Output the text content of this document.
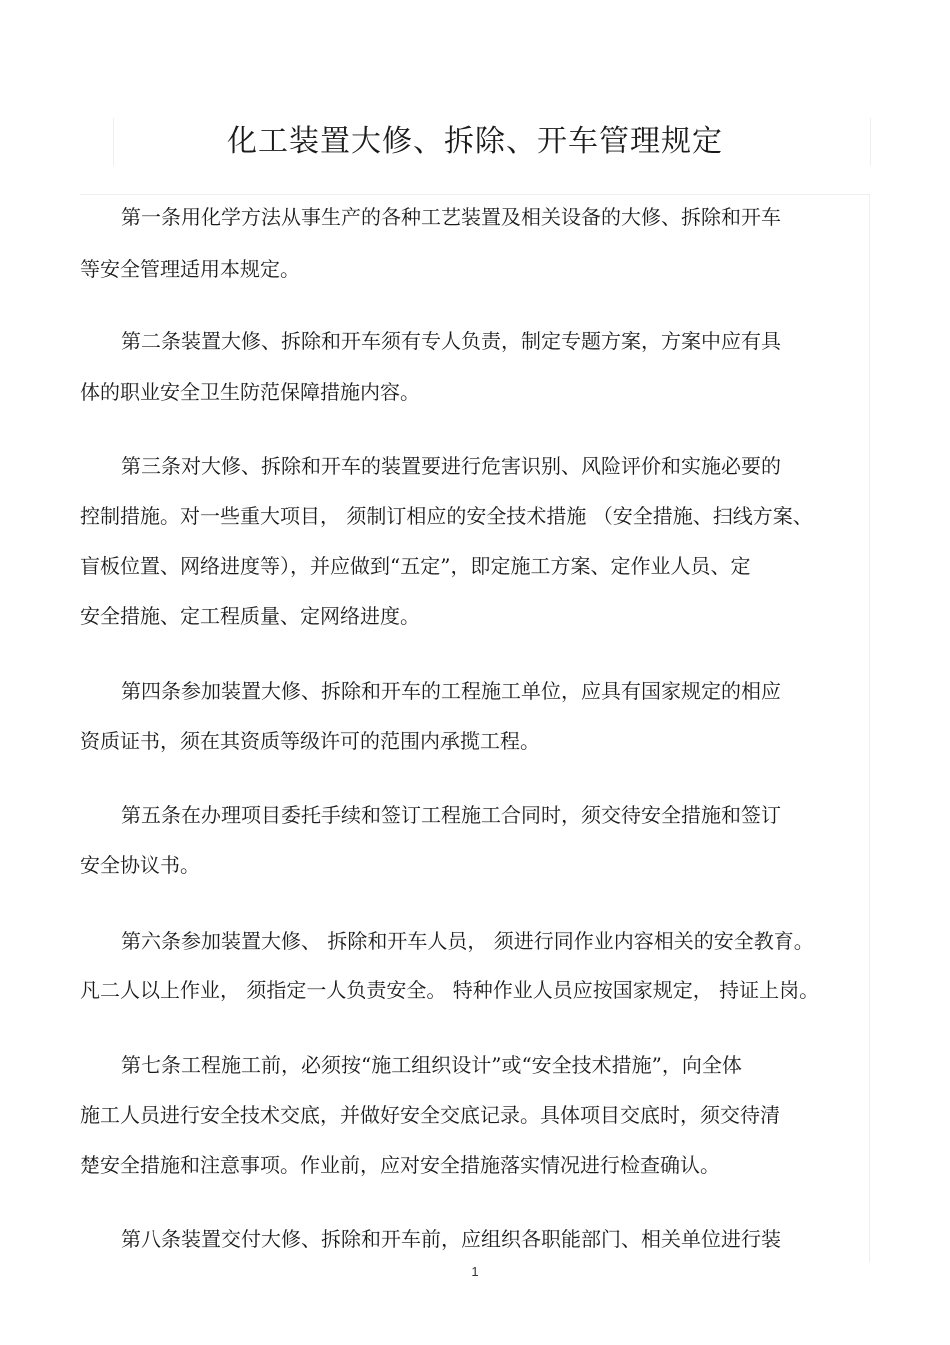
化工装置大修、拆除、开车管理规定
第一条用化学方法从事生产的各种工艺装置及相关设备的大修、拆除和开车
等安全管理适用本规定。
第二条装置大修、拆除和开车须有专人负责，制定专题方案，方案中应有具
体的职业安全卫生防范保障措施内容。
第三条对大修、拆除和开车的装置要进行危害识别、风险评价和实施必要的
控制措施。对一些重大项目， 须制订相应的安全技术措施 （安全措施、扫线方案、
盲板位置、网络进度等），并应做到“五定”，即定施工方案、定作业人员、定
安全措施、定工程质量、定网络进度。
第四条参加装置大修、拆除和开车的工程施工单位，应具有国家规定的相应
资质证书，须在其资质等级许可的范围内承揽工程。
第五条在办理项目委托手续和签订工程施工合同时，须交待安全措施和签订
安全协议书。
第六条参加装置大修、 拆除和开车人员， 须进行同作业内容相关的安全教育。
凡二人以上作业， 须指定一人负责安全。 特种作业人员应按国家规定， 持证上岗。
第七条工程施工前，必须按“施工组织设计”或“安全技术措施”，向全体
施工人员进行安全技术交底，并做好安全交底记录。具体项目交底时，须交待清
楚安全措施和注意事项。作业前，应对安全措施落实情况进行检查确认。
第八条装置交付大修、拆除和开车前，应组织各职能部门、相关单位进行装
1
